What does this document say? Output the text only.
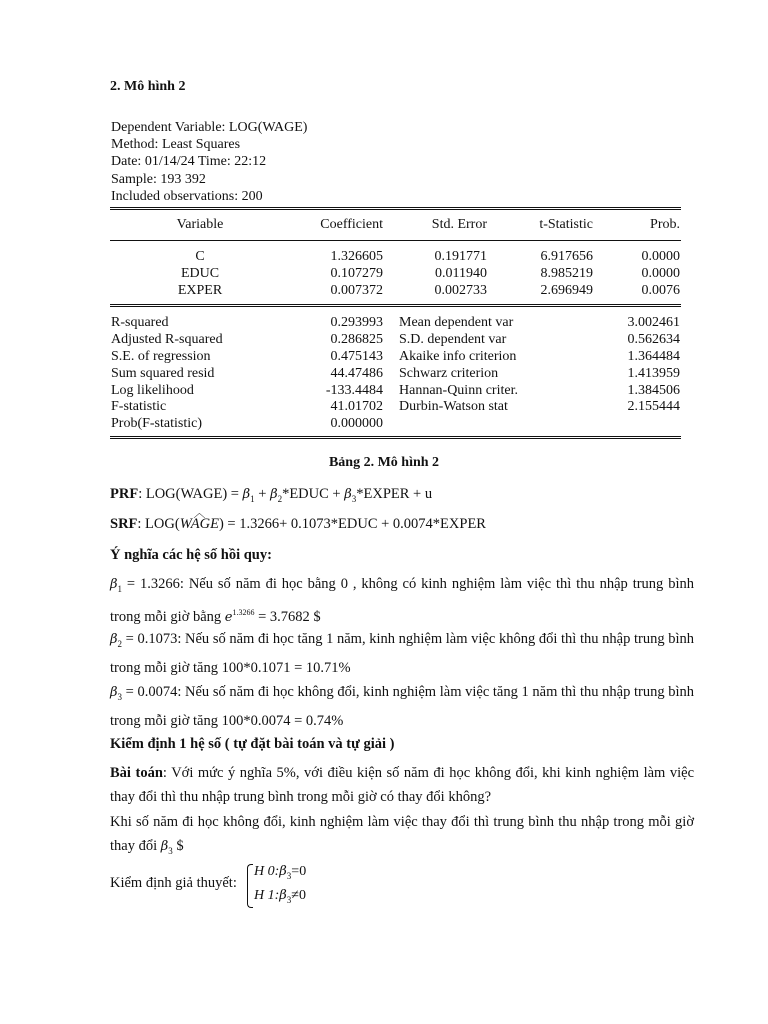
2. Mô hình 2
Dependent Variable: LOG(WAGE)
Method: Least Squares
Date: 01/14/24 Time: 22:12
Sample: 193 392
Included observations: 200
Variable	Coefficient	Std. Error	t-Statistic	Prob.
C	1.326605	0.191771	6.917656	0.0000
EDUC	0.107279	0.011940	8.985219	0.0000
EXPER	0.007372	0.002733	2.696949	0.0076
R-squared	0.293993 Mean dependent var	3.002461
Adjusted R-squared	0.286825 S.D. dependent var	0.562634
S.E. of regression	0.475143 Akaike info criterion	1.364484
Sum squared resid	44.47486 Schwarz criterion	1.413959
Log likelihood	-133.4484 Hannan-Quinn criter.	1.384506
F-statistic	41.01702 Durbin-Watson stat	2.155444
Prob(F-statistic)	0.000000
Bảng 2. Mô hình 2
PRF: LOG(WAGE) = $\beta_1$ + $\beta_2*EDUC$ + $\beta_3*EXPER + u$
SRF: LOG(
︿
WAGE) = 1.3266+ 0.1073*EDUC + 0.0074*EXPER
Ý nghĩa các hệ số hồi quy:
$\beta_1 = 1.3266$: Nếu số năm đi học bằng 0 , không có kinh nghiệm làm việc thì thu nhập trung bình trong mỗi giờ bằng $e^{1.3266} = 3.7682$ $
$\beta_2 = 0.1073$: Nếu số năm đi học tăng 1 năm, kinh nghiệm làm việc không đổi thì thu nhập trung bình trong mỗi giờ tăng 100*0.1071 = 10.71%
$\beta_3 = 0.0074$: Nếu số năm đi học không đổi, kinh nghiệm làm việc tăng 1 năm thì thu nhập trung bình trong mỗi giờ tăng 100*0.0074 = 0.74%
Kiểm định 1 hệ số ( tự đặt bài toán và tự giải )
Bài toán: Với mức ý nghĩa 5%, với điều kiện số năm đi học không đổi, khi kinh nghiệm làm việc thay đổi thì thu nhập trung bình trong mỗi giờ có thay đổi không?
Khi số năm đi học không đổi, kinh nghiệm làm việc thay đổi thì trung bình thu nhập trong mỗi giờ thay đổi $\beta_3$ $
Kiểm định giả thuyết:
H $0:\beta_3=0$
H $1:\beta_3\ne 0$
